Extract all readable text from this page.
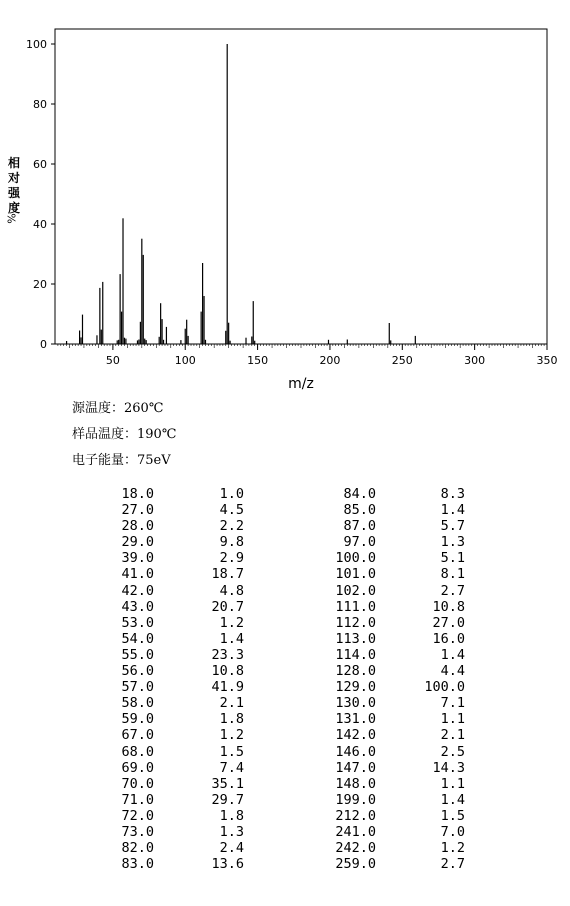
0
20
40
60
80
100
50	100	150	200	250	300	350
m/z
相对强度
%
源温度：260℃
样品温度：190℃
电子能量：75eV
18.0	1.0	84.0	8.3
27.0	4.5	85.0	1.4
28.0	2.2	87.0	5.7
29.0	9.8	97.0	1.3
39.0	2.9	100.0	5.1
41.0	18.7	101.0	8.1
42.0	4.8	102.0	2.7
43.0	20.7	111.0	10.8
53.0	1.2	112.0	27.0
54.0	1.4	113.0	16.0
55.0	23.3	114.0	1.4
56.0	10.8	128.0	4.4
57.0	41.9	129.0	100.0
58.0	2.1	130.0	7.1
59.0	1.8	131.0	1.1
67.0	1.2	142.0	2.1
68.0	1.5	146.0	2.5
69.0	7.4	147.0	14.3
70.0	35.1	148.0	1.1
71.0	29.7	199.0	1.4
72.0	1.8	212.0	1.5
73.0	1.3	241.0	7.0
82.0	2.4	242.0	1.2
83.0	13.6	259.0	2.7
